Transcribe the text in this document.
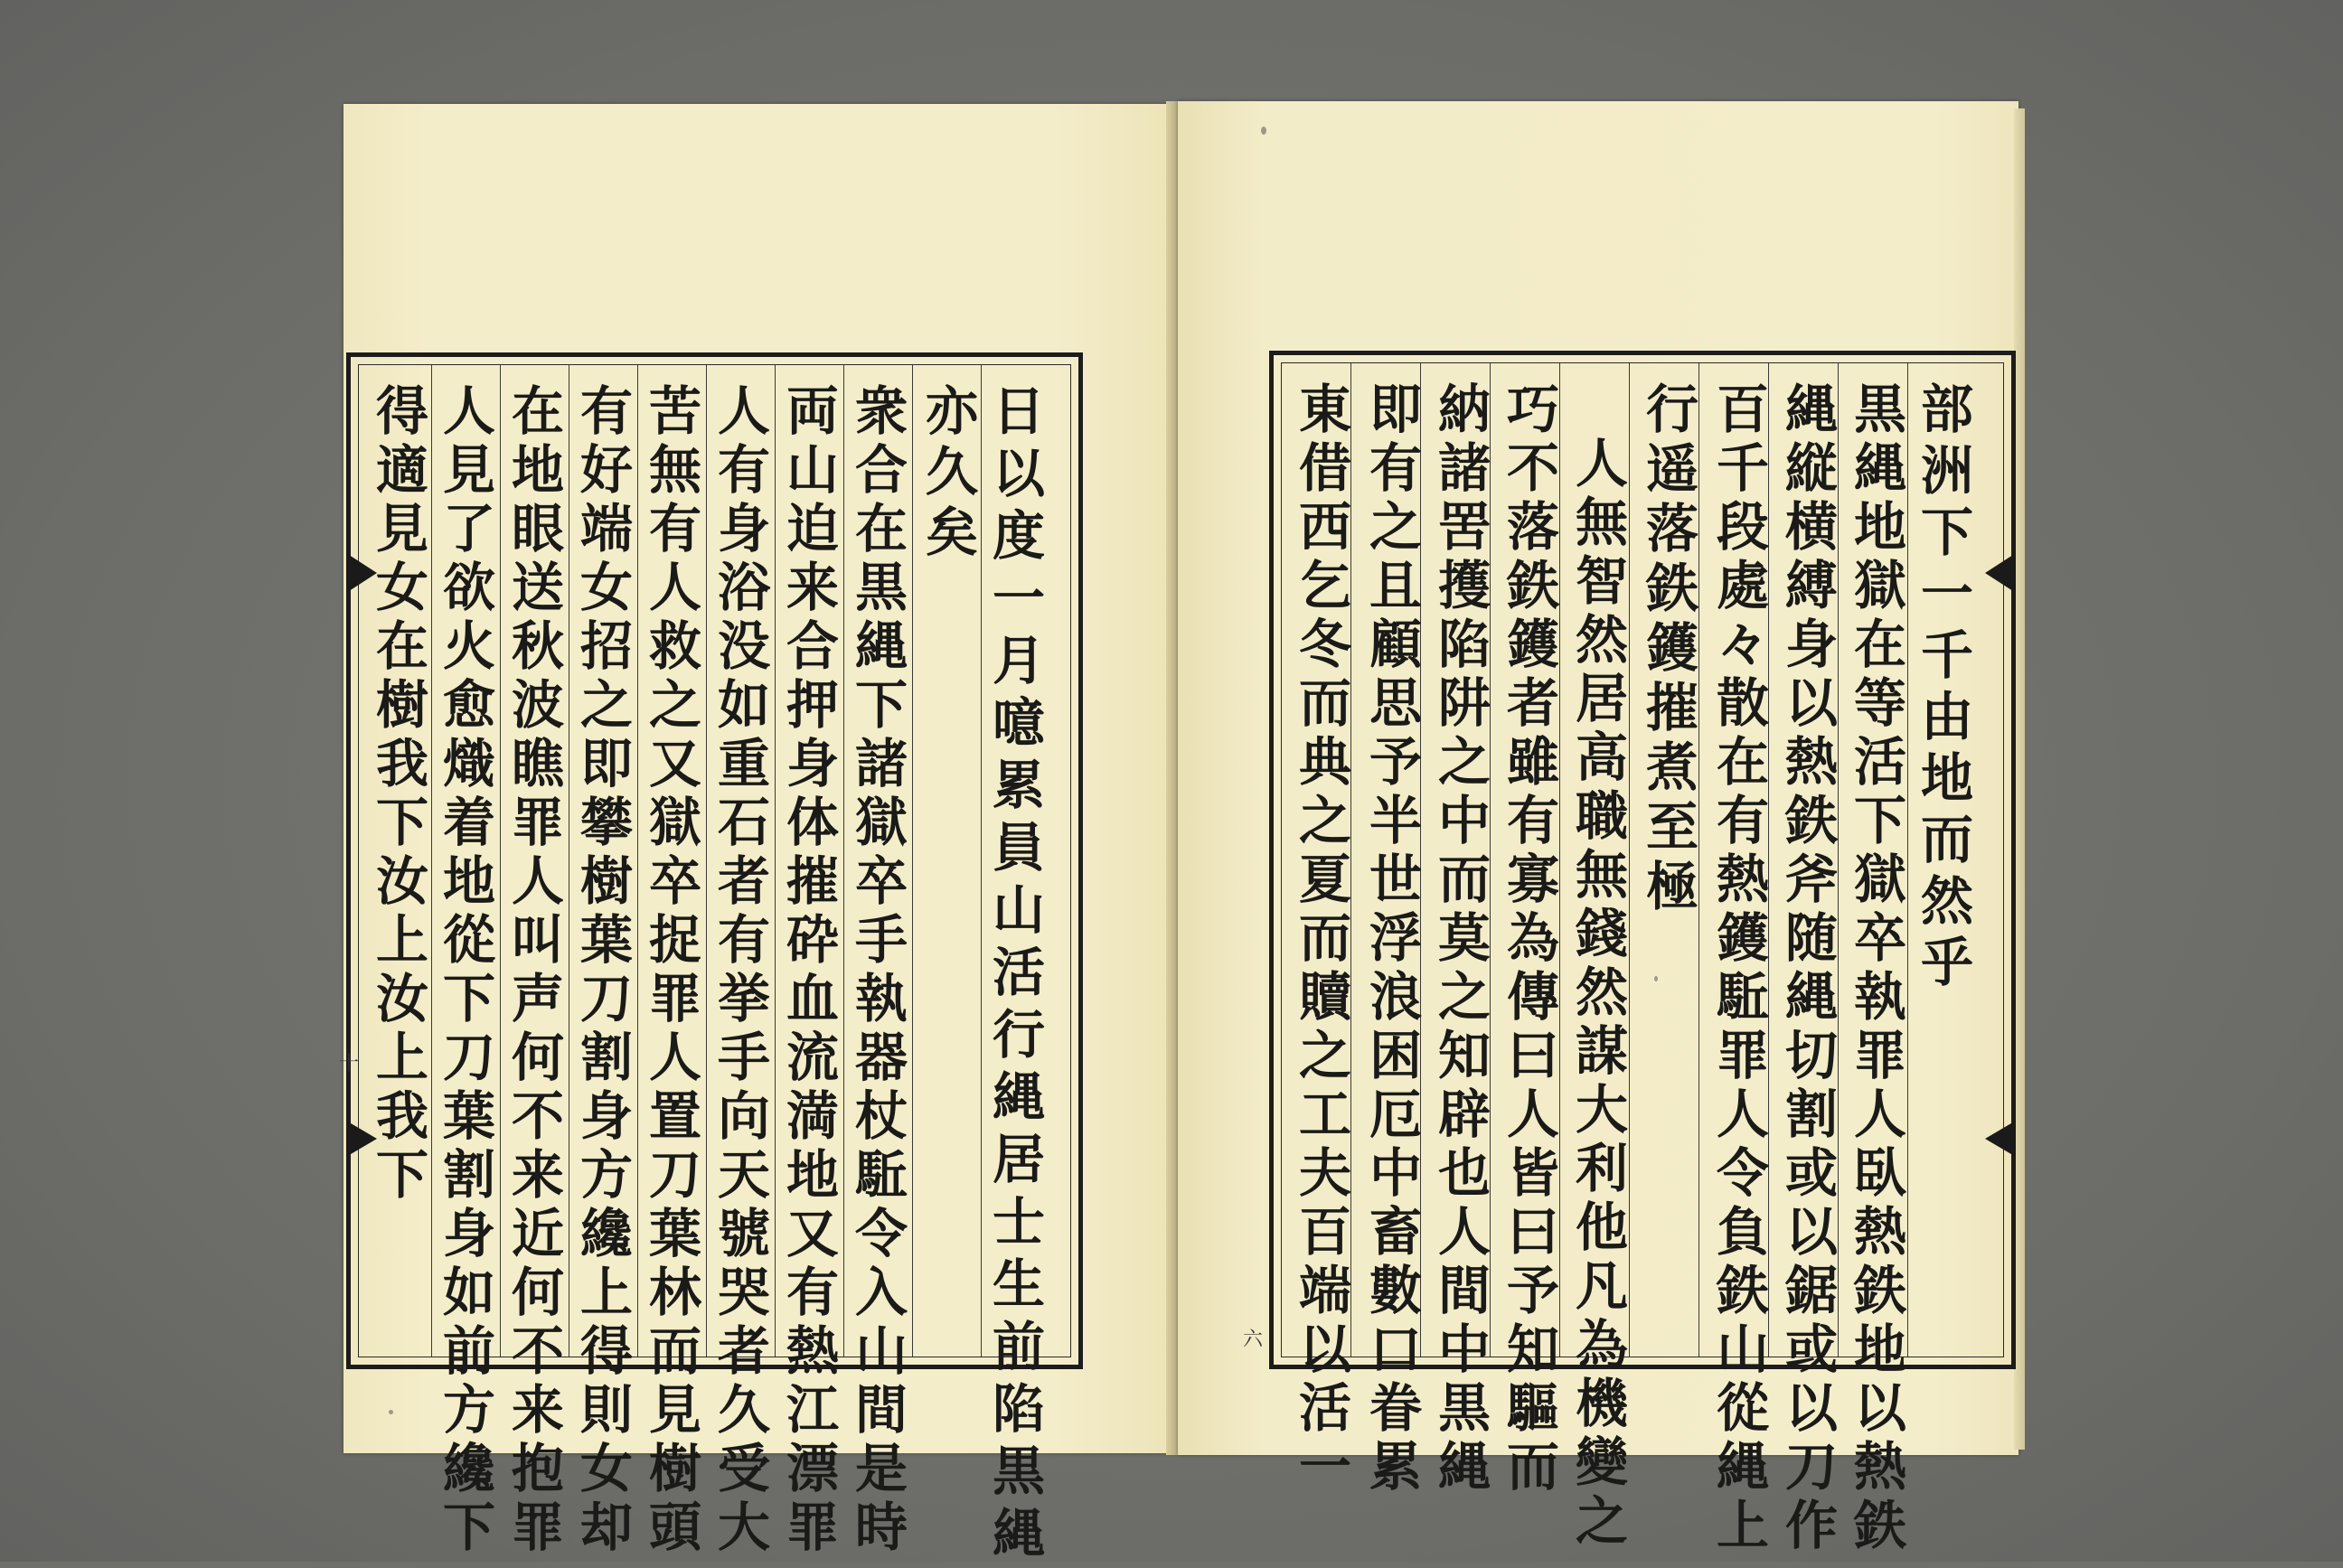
日以度一月噫累員山活行縄居士生前陷黒縄
亦久矣
衆合在黒縄下諸獄卒手執器杖駈令入山間是時
両山迫来合押身体摧砕血流満地又有熱江漂罪
人有身浴没如重石者有挙手向天號哭者久受大
苦無有人救之又獄卒捉罪人置刀葉林而見樹頭
有好端女招之即攀樹葉刀割身方纔上得則女却
在地眼送秋波瞧罪人叫声何不来近何不来抱罪
人見了欲火愈熾着地從下刀葉割身如前方纔下
得適見女在樹我下汝上汝上我下	部洲下一千由地而然乎
黒縄地獄在等活下獄卒執罪人臥熱鉄地以熱鉄
縄縦横縛身以熱鉄斧随縄切割或以鋸或以刀作
百千段處々散在有熱鑊駈罪人令負鉄山從縄上
行遥落鉄鑊摧煮至極
人無智然居高職無錢然謀大利他凡為機變之
巧不落鉄鑊者雖有寡為傳曰人皆曰予知驅而
納諸罟擭陷阱之中而莫之知辟也人間中黒縄
即有之且顧思予半世浮浪困厄中畜數口眷累
東借西乞冬而典之夏而贖之工夫百端以活一
十
六
